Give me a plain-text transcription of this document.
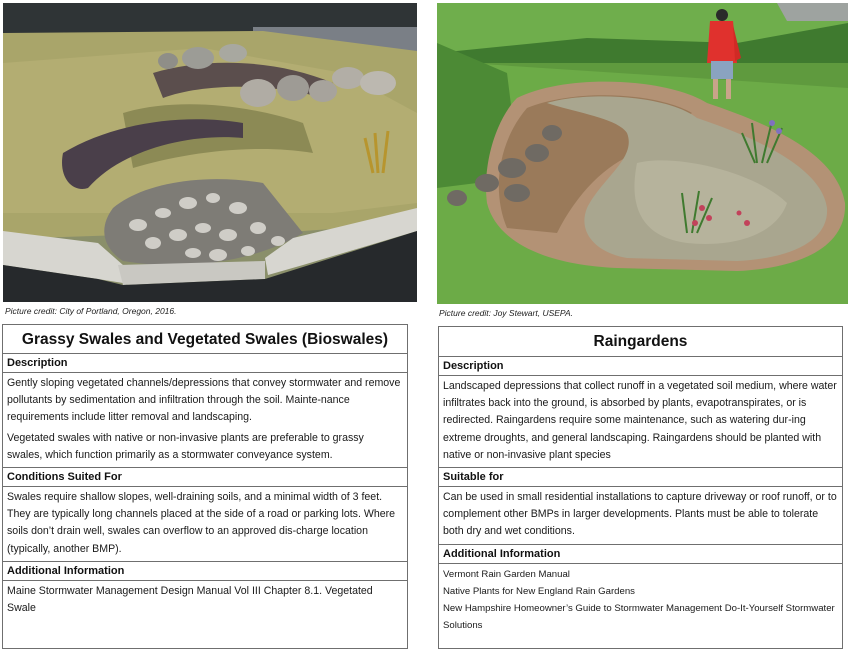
Picture credit: City of Portland, Oregon, 2016.	Picture credit: Joy Stewart, USEPA.
Grassy Swales and Vegetated Swales (Bioswales)
Description

Gently sloping vegetated channels/depressions that convey stormwater and remove pollutants by sedimentation and infiltration through the soil. Mainte-nance requirements include litter removal and landscaping.

Vegetated swales with native or non-invasive plants are preferable to grassy swales, which function primarily as a stormwater conveyance system.

Conditions Suited For
Swales require shallow slopes, well-draining soils, and a minimal width of 3 feet. They are typically long channels placed at the side of a road or parking lots. Where soils don’t drain well, swales can overflow to an approved dis-charge location (typically, another BMP).
Additional Information
Maine Stormwater Management Design Manual Vol III Chapter 8.1. Vegetated Swale
Raingardens
Description
Landscaped depressions that collect runoff in a vegetated soil medium, where water infiltrates back into the ground, is absorbed by plants, evapotranspirates, or is redirected. Raingardens require some maintenance, such as watering dur-ing extreme droughts, and general landscaping. Raingardens should be planted with native or non-invasive plant species
Suitable for
Can be used in small residential installations to capture driveway or roof runoff, or to complement other BMPs in larger developments. Plants must be able to tolerate both dry and wet conditions.
Additional Information
Vermont Rain Garden Manual
Native Plants for New England Rain Gardens
New Hampshire Homeowner’s Guide to Stormwater Management Do-It-Yourself Stormwater Solutions
